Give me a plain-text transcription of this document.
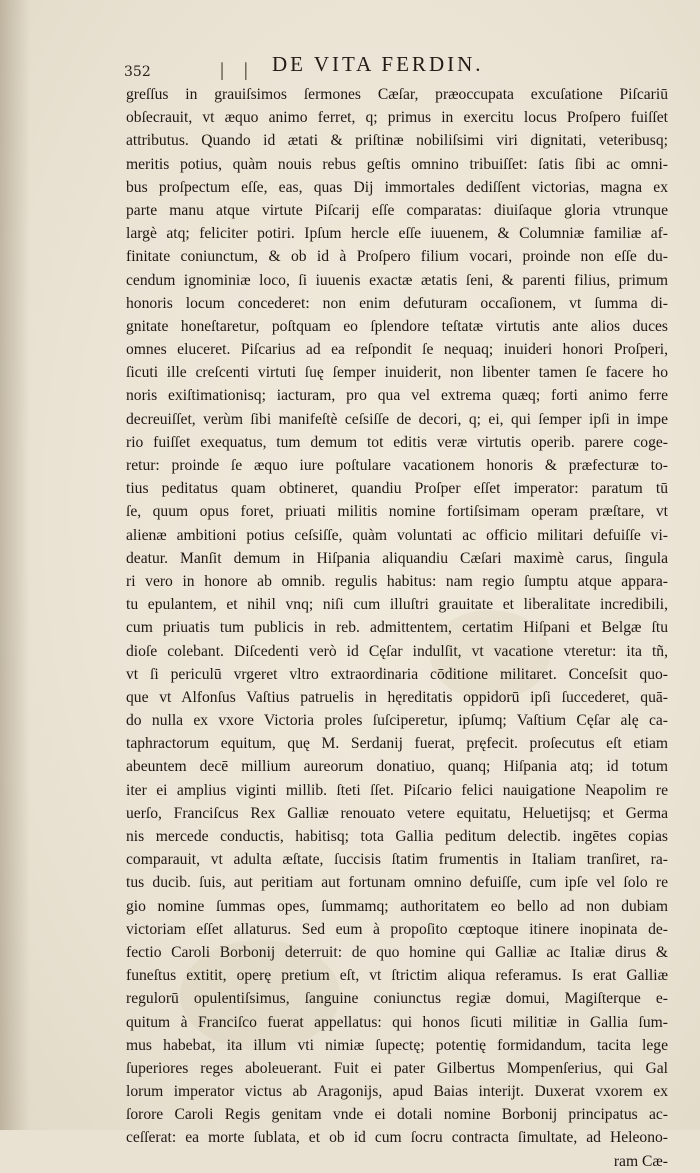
352	| | DE VITA FERDIN.
greſſus in grauiſsimos ſermones Cæſar, præoccupata excuſatione Piſcariū
obſecrauit, vt æquo animo ferret, q; primus in exercitu locus Proſpero fuiſſet
attributus. Quando id ætati & priſtinæ nobiliſsimi viri dignitati, veteribusq;
meritis potius, quàm nouis rebus geſtis omnino tribuiſſet: ſatis ſibi ac omni-
bus proſpectum eſſe, eas, quas Dij immortales dediſſent victorias, magna ex
parte manu atque virtute Piſcarij eſſe comparatas: diuiſaque gloria vtrunque
largè atq; feliciter potiri. Ipſum hercle eſſe iuuenem, & Columniæ familiæ af-
finitate coniunctum, & ob id à Proſpero filium vocari, proinde non eſſe du-
cendum ignominiæ loco, ſi iuuenis exactæ ætatis ſeni, & parenti filius, primum
honoris locum concederet: non enim defuturam occaſionem, vt ſumma di-
gnitate honeſtaretur, poſtquam eo ſplendore teſtatæ virtutis ante alios duces
omnes eluceret. Piſcarius ad ea reſpondit ſe nequaq; inuideri honori Proſperi,
ſicuti ille creſcenti virtuti ſuę ſemper inuiderit, non libenter tamen ſe facere ho
noris exiſtimationisq; iacturam, pro qua vel extrema quæq; forti animo ferre
decreuiſſet, verùm ſibi manifeſtè ceſsiſſe de decori, q; ei, qui ſemper ipſi in impe
rio fuiſſet exequatus, tum demum tot editis veræ virtutis operib. parere coge-
retur: proinde ſe æquo iure poſtulare vacationem honoris & præfecturæ to-
tius peditatus quam obtineret, quandiu Proſper eſſet imperator: paratum tū
ſe, quum opus foret, priuati militis nomine fortiſsimam operam præſtare, vt
alienæ ambitioni potius ceſsiſſe, quàm voluntati ac officio militari defuiſſe vi-
deatur. Manſit demum in Hiſpania aliquandiu Cæſari maximè carus, ſingula
ri vero in honore ab omnib. regulis habitus: nam regio ſumptu atque appara-
tu epulantem, et nihil vnq; niſi cum illuſtri grauitate et liberalitate incredibili,
cum priuatis tum publicis in reb. admittentem, certatim Hiſpani et Belgæ ſtu
dioſe colebant. Diſcedenti verò id Cęſar indulſit, vt vacatione vteretur: ita tñ,
vt ſi periculū vrgeret vltro extraordinaria cōditione militaret. Conceſsit quo-
que vt Alfonſus Vaſtius patruelis in hęreditatis oppidorū ipſi ſuccederet, quā-
do nulla ex vxore Victoria proles ſuſciperetur, ipſumq; Vaſtium Cęſar alę ca-
taphractorum equitum, quę M. Serdanij fuerat, pręfecit. proſecutus eſt etiam
abeuntem decē millium aureorum donatiuo, quanq; Hiſpania atq; id totum
iter ei amplius viginti millib. ſteti ſſet. Piſcario felici nauigatione Neapolim re
uerſo, Franciſcus Rex Galliæ renouato vetere equitatu, Heluetijsq; et Germa
nis mercede conductis, habitisq; tota Gallia peditum delectib. ingētes copias
comparauit, vt adulta æſtate, ſuccisis ſtatim frumentis in Italiam tranſiret, ra-
tus ducib. ſuis, aut peritiam aut fortunam omnino defuiſſe, cum ipſe vel ſolo re
gio nomine ſummas opes, ſummamq; authoritatem eo bello ad non dubiam
victoriam eſſet allaturus. Sed eum à propoſito cœptoque itinere inopinata de-
fectio Caroli Borbonij deterruit: de quo homine qui Galliæ ac Italiæ dirus &
funeſtus extitit, operę pretium eſt, vt ſtrictim aliqua referamus. Is erat Galliæ
regulorū opulentiſsimus, ſanguine coniunctus regiæ domui, Magiſterque e-
quitum à Franciſco fuerat appellatus: qui honos ſicuti militiæ in Gallia ſum-
mus habebat, ita illum vti nimiæ ſupectę; potentię formidandum, tacita lege
ſuperiores reges aboleuerant. Fuit ei pater Gilbertus Mompenſerius, qui Gal
lorum imperator victus ab Aragonijs, apud Baias interijt. Duxerat vxorem ex
ſorore Caroli Regis genitam vnde ei dotali nomine Borbonij principatus ac-
ceſſerat: ea morte ſublata, et ob id cum ſocru contracta ſimultate, ad Heleono-
ram Cæ-
